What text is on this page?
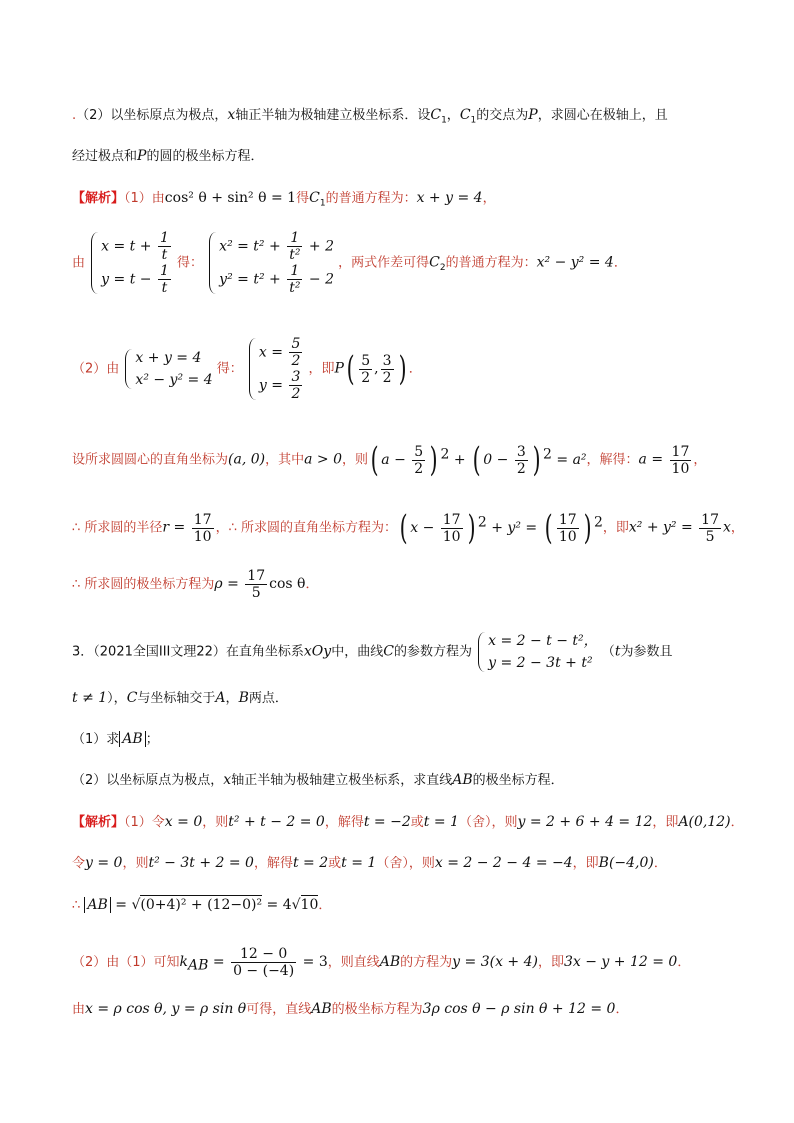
.（2）以坐标原点为极点，x轴正半轴为极轴建立极坐标系．设$C_1$，$C_1$的交点为P，求圆心在极轴上，且
经过极点和P的圆的极坐标方程．
【解析】（1）由cos² θ + sin² θ = 1得$C_1$的普通方程为：x + y = 4，
由
$x = t + \frac{1}{t}$
$y = t - \frac{1}{t}$ 得：
$x^2 = t^2 + \frac{1}{\text{t²}} + 2$
$y^2 = t^2 + \frac{1}{\text{t²}} - 2$
，两式作差可得$C_2$的普通方程为：x² − y² = 4．
（2）由
x + y = 4
x² − y² = 4
得：
$x = \frac{5}{2}$
$y = \frac{3}{2}$ ，即$P( \frac{5}{2}$ , $\frac{3}{2}$ ) ．
设所求圆圆心的直角坐标为(a, 0)，其中a > 0，则( $a - \frac{5}{2}$ ) $^2$ + ( $0 - \frac{3}{2}$ ) $^2$ = a²，解得：$a = \frac{17}{10}$ ，
∴ 所求圆的半径$r = \frac{17}{10}$ ，∴ 所求圆的直角坐标方程为：( $x - \frac{17}{10}$ ) $^2$ + y² = ( $\frac{17}{10}$ ) $^2$，即$x^2 + y^2 = \frac{17}{5}$ x，
∴ 所求圆的极坐标方程为$\rho = \frac{17}{5}$ cos θ．
3．（2021全国III文理22）在直角坐标系xOy中，曲线C的参数方程为
x = 2 − t − t²，
y = 2 − 3t + t²
（t为参数且
t ≠ 1），C与坐标轴交于A，B两点．
（1）求 AB ；
（2）以坐标原点为极点，x轴正半轴为极轴建立极坐标系，求直线AB的极坐标方程．
【解析】（1）令x = 0，则t² + t − 2 = 0，解得t = −2或t = 1（舍），则y = 2 + 6 + 4 = 12，即A(0,12)．
令y = 0，则t² − 3t + 2 = 0，解得t = 2或t = 1（舍），则x = 2 − 2 − 4 = −4，即B(−4,0)．
∴ AB = √(0+4)² + (12−0)² = 4√10．
（2）由（1）可知$k_{AB} = \frac{12 - 0}{0 - (-4)} = 3$，则直线AB的方程为y = 3(x + 4)，即3x − y + 12 = 0．
由x = ρ cos θ, y = ρ sin θ可得，直线AB的极坐标方程为3ρ cos θ − ρ sin θ + 12 = 0．
